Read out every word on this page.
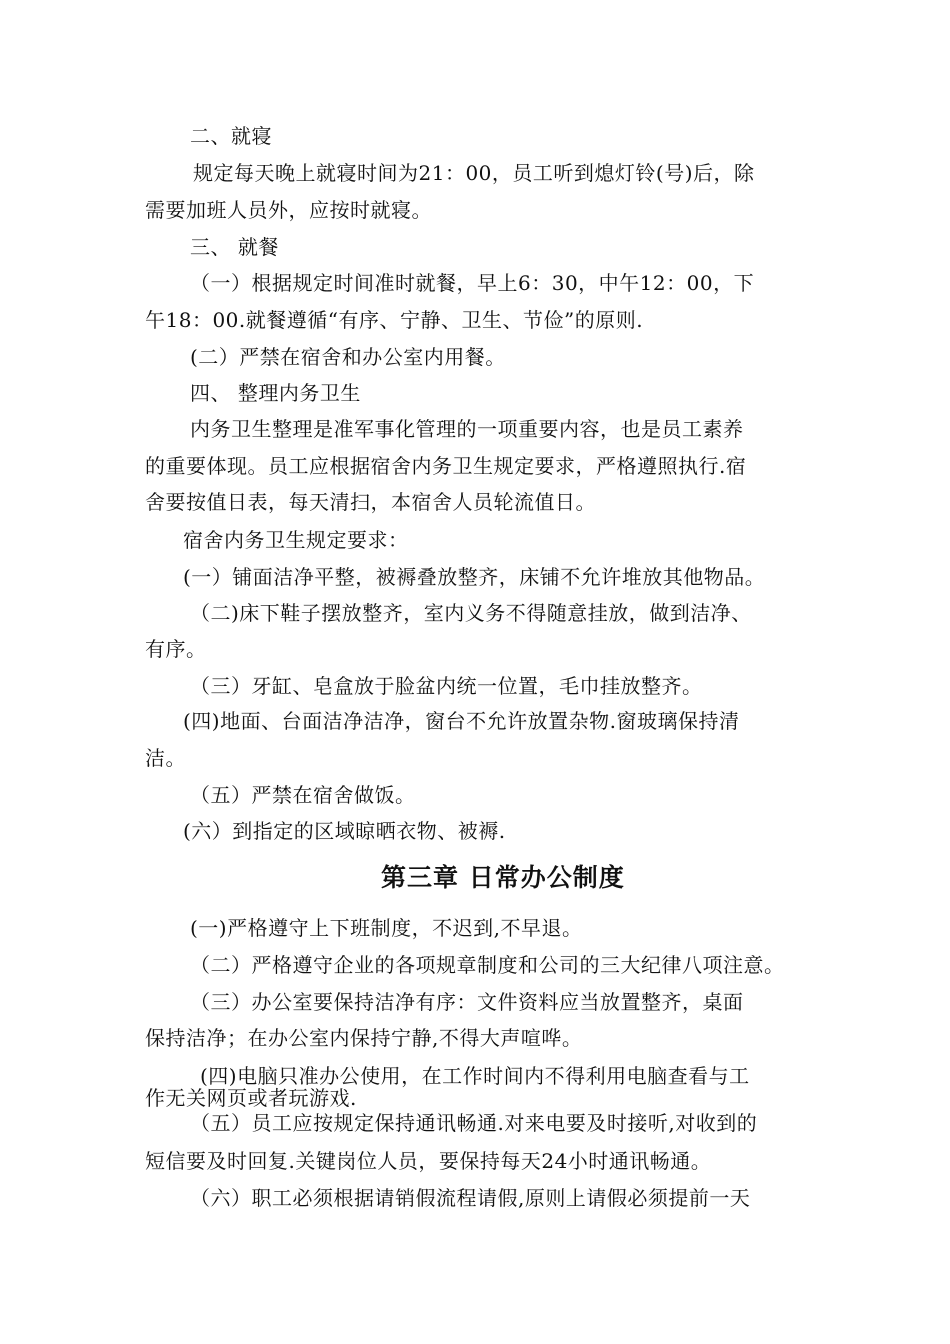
二、就寝
规定每天晚上就寝时间为21：00，员工听到熄灯铃(号)后，除
需要加班人员外，应按时就寝。
三、 就餐
（一）根据规定时间准时就餐，早上6：30，中午12：00，下
午18：00.就餐遵循“有序、宁静、卫生、节俭”的原则.
(二）严禁在宿舍和办公室内用餐。
四、 整理内务卫生
内务卫生整理是准军事化管理的一项重要内容，也是员工素养
的重要体现。员工应根据宿舍内务卫生规定要求，严格遵照执行.宿
舍要按值日表，每天清扫，本宿舍人员轮流值日。
宿舍内务卫生规定要求：
(一）铺面洁净平整，被褥叠放整齐，床铺不允许堆放其他物品。
（二)床下鞋子摆放整齐，室内义务不得随意挂放，做到洁净、
有序。
（三）牙缸、皂盒放于脸盆内统一位置，毛巾挂放整齐。
(四)地面、台面洁净洁净，窗台不允许放置杂物.窗玻璃保持清
洁。
（五）严禁在宿舍做饭。
(六）到指定的区域晾晒衣物、被褥.
第三章 日常办公制度
(一)严格遵守上下班制度，不迟到,不早退。
（二）严格遵守企业的各项规章制度和公司的三大纪律八项注意。
（三）办公室要保持洁净有序：文件资料应当放置整齐，桌面
保持洁净；在办公室内保持宁静,不得大声喧哗。
(四)电脑只准办公使用，在工作时间内不得利用电脑查看与工
作无关网页或者玩游戏.
（五）员工应按规定保持通讯畅通.对来电要及时接听,对收到的
短信要及时回复.关键岗位人员，要保持每天24小时通讯畅通。
（六）职工必须根据请销假流程请假,原则上请假必须提前一天
